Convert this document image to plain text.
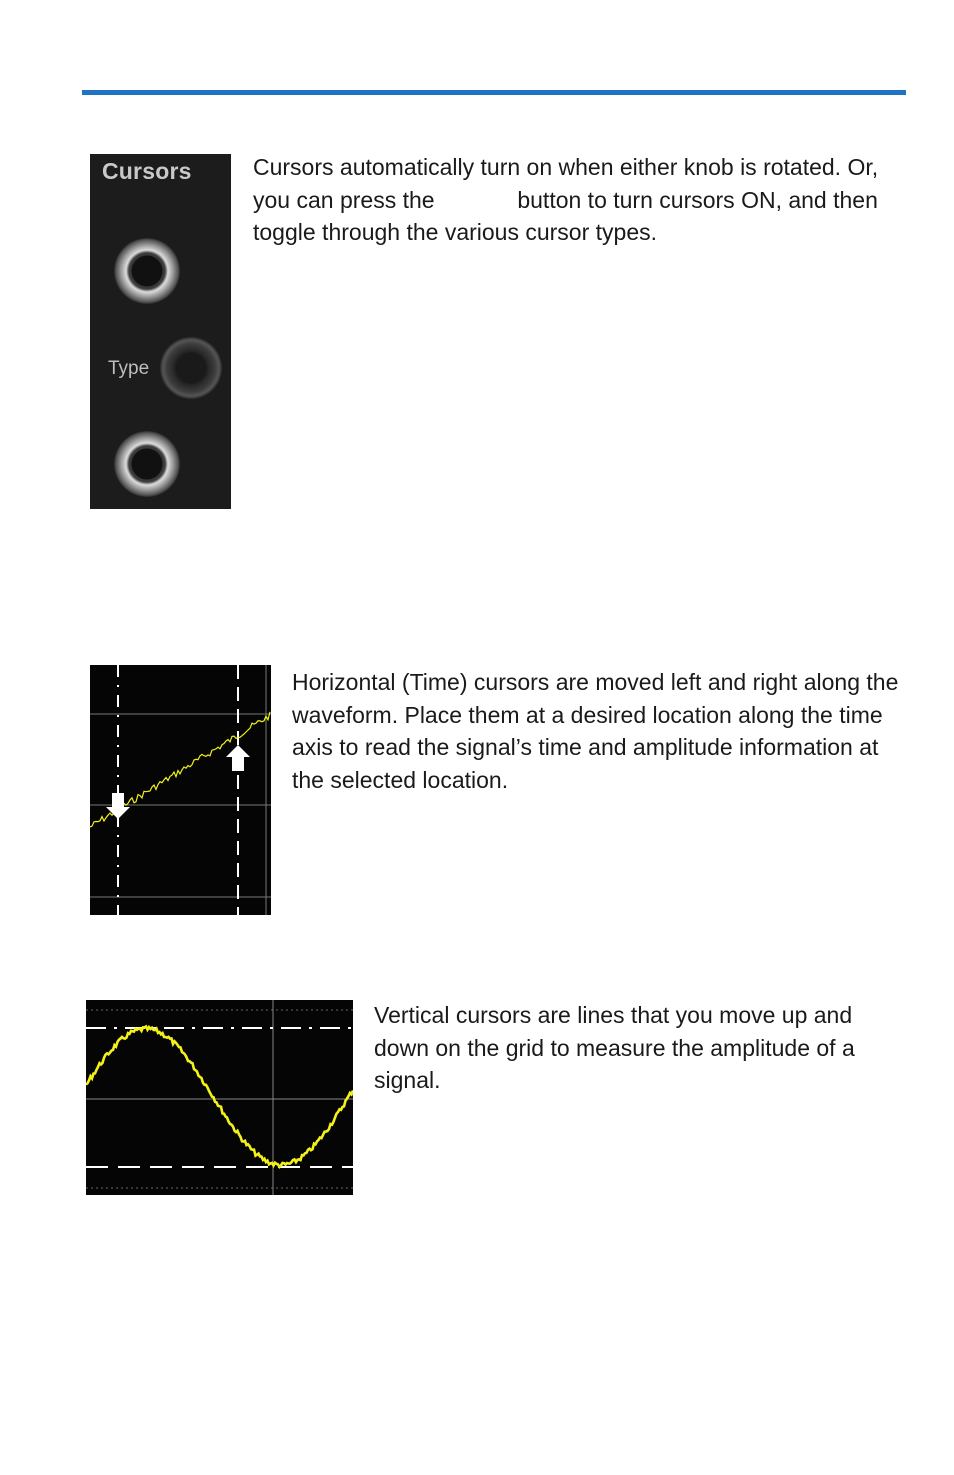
Cursors
Type

Cursors automatically turn on when either knob is rotated. Or, you can press the	button to turn cursors ON, and then toggle through the various cursor types.

Horizontal (Time) cursors are moved left and right along the waveform. Place them at a desired location along the time axis to read the signal’s time and amplitude information at the selected location.

Vertical cursors are lines that you move up and down on the grid to measure the amplitude of a signal.
